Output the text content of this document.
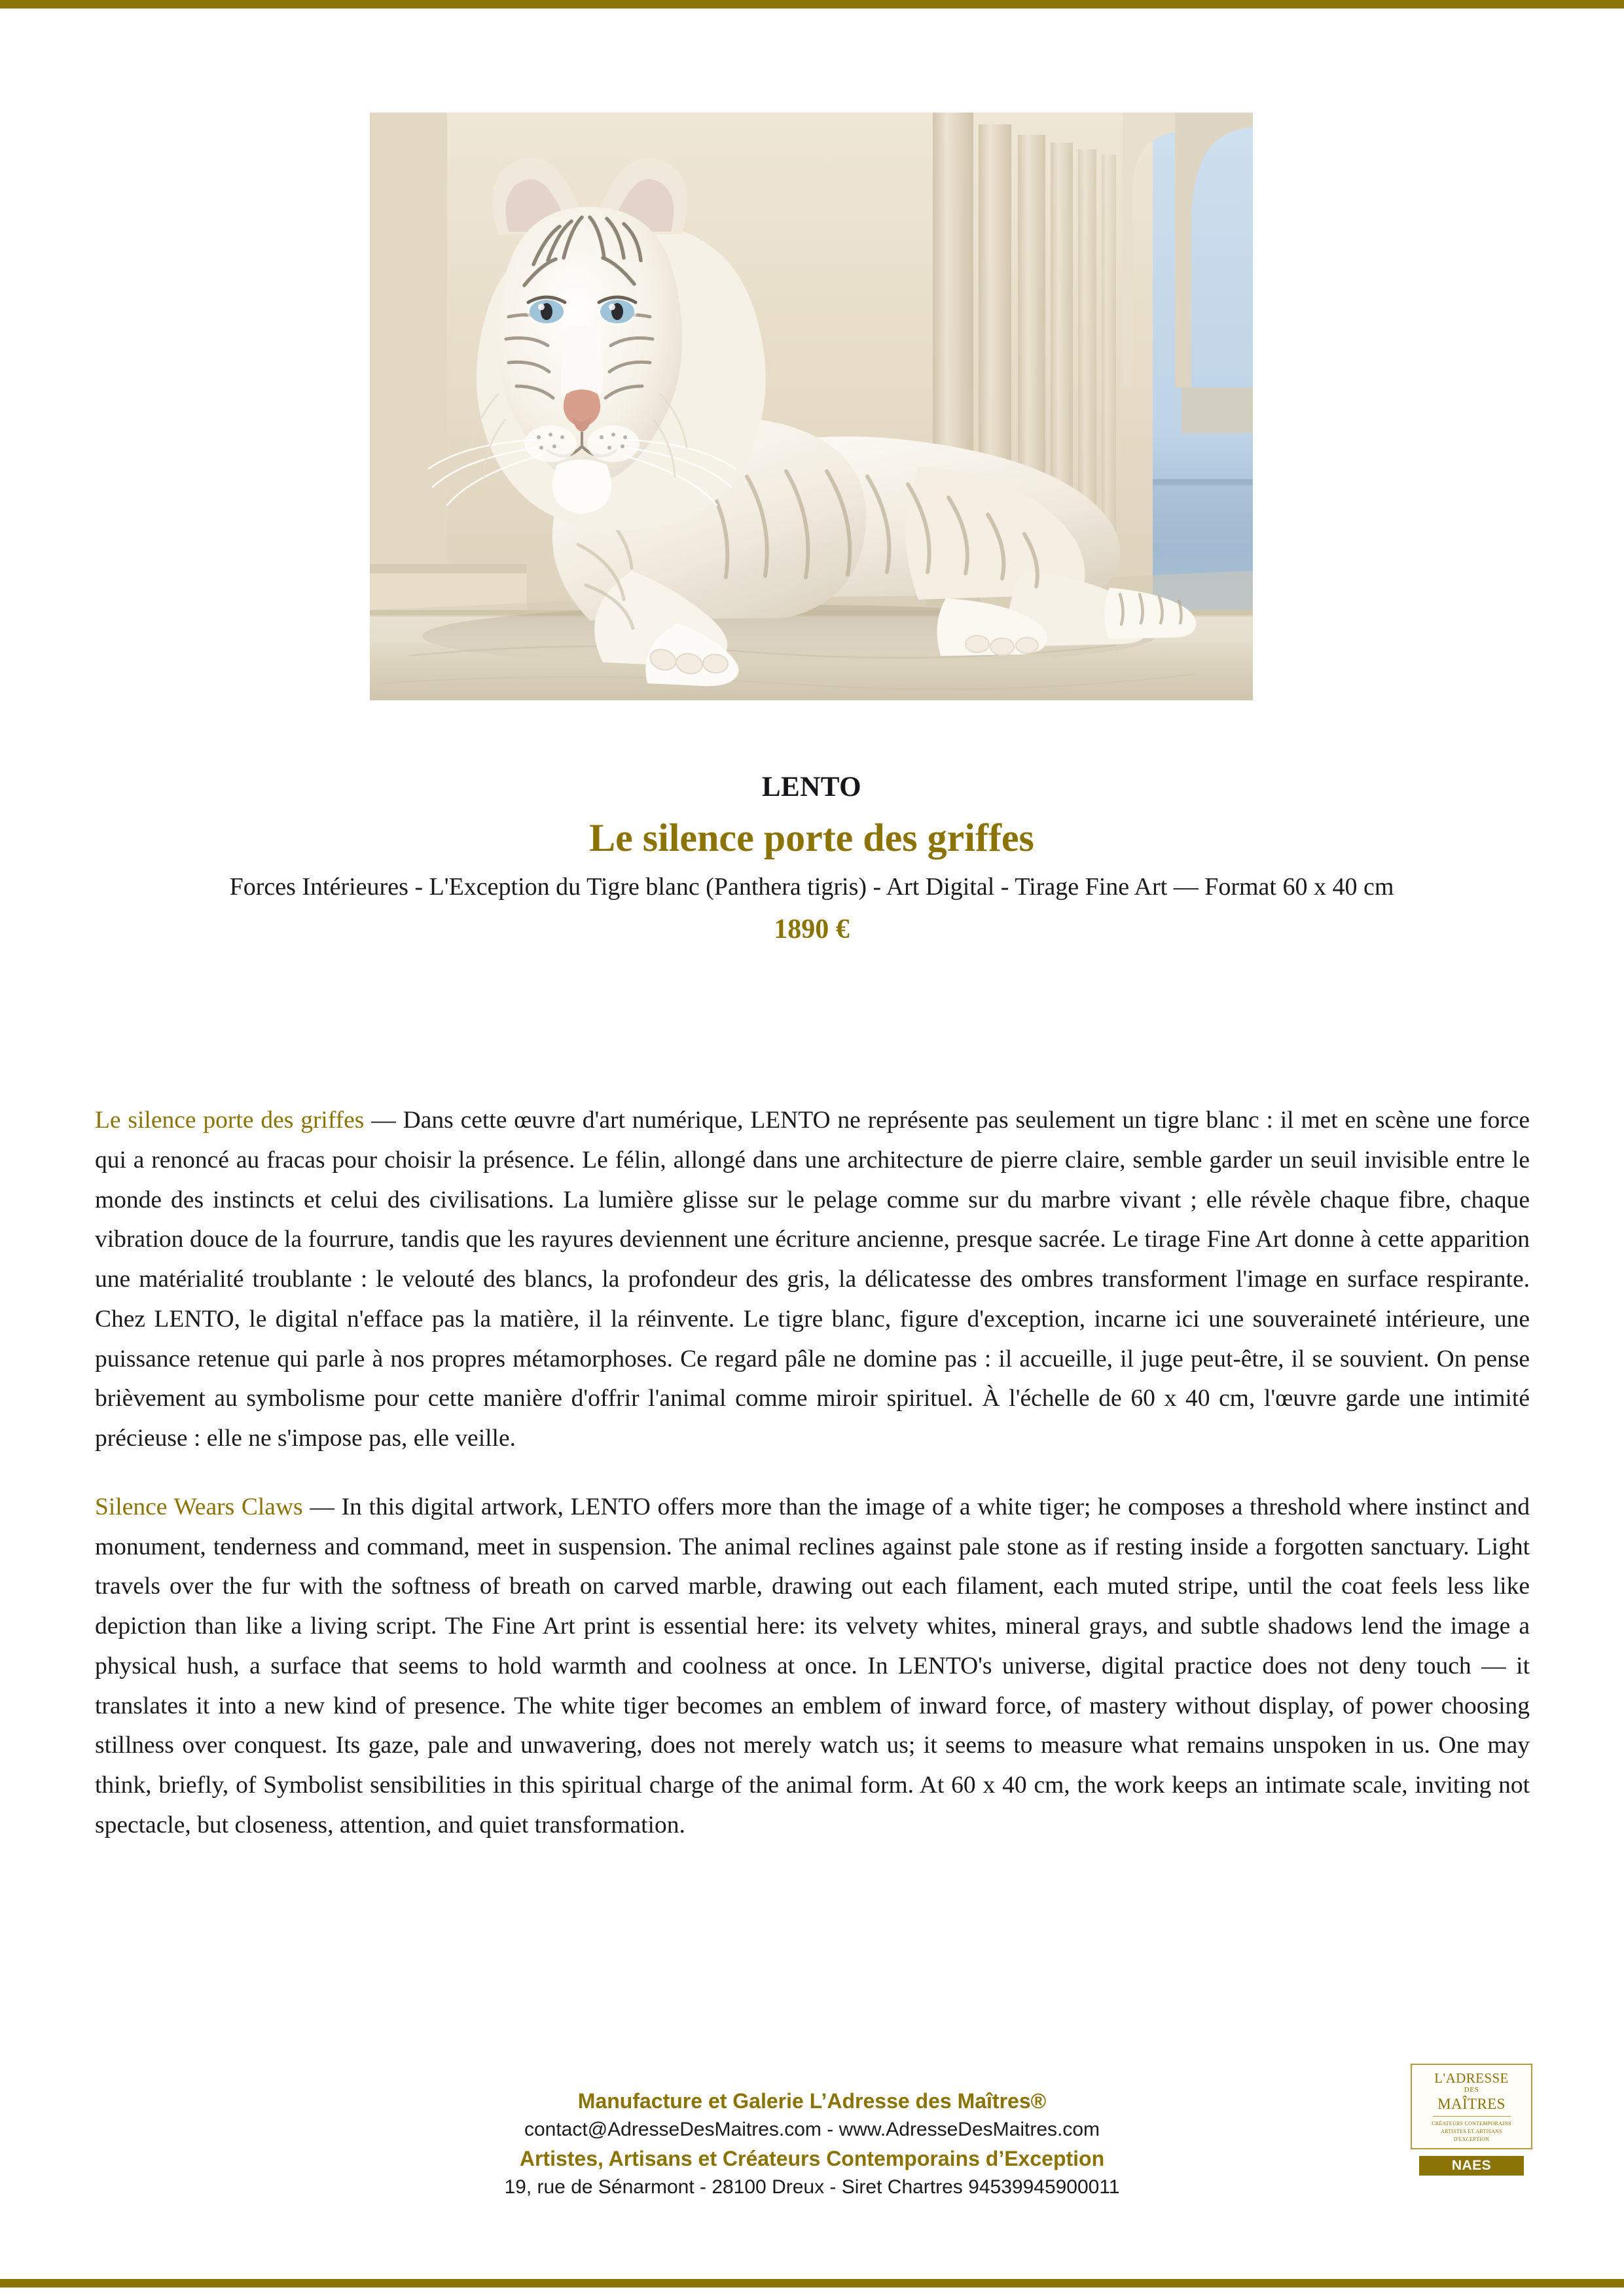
LENTO
Le silence porte des griffes
Forces Intérieures - L'Exception du Tigre blanc (Panthera tigris) - Art Digital - Tirage Fine Art — Format 60 x 40 cm
1890 €

Le silence porte des griffes — Dans cette œuvre d'art numérique, LENTO ne représente pas seulement un tigre blanc : il met en scène une force qui a renoncé au fracas pour choisir la présence. Le félin, allongé dans une architecture de pierre claire, semble garder un seuil invisible entre le monde des instincts et celui des civilisations. La lumière glisse sur le pelage comme sur du marbre vivant ; elle révèle chaque fibre, chaque vibration douce de la fourrure, tandis que les rayures deviennent une écriture ancienne, presque sacrée. Le tirage Fine Art donne à cette apparition une matérialité troublante : le velouté des blancs, la profondeur des gris, la délicatesse des ombres transforment l'image en surface respirante. Chez LENTO, le digital n'efface pas la matière, il la réinvente. Le tigre blanc, figure d'exception, incarne ici une souveraineté intérieure, une puissance retenue qui parle à nos propres métamorphoses. Ce regard pâle ne domine pas : il accueille, il juge peut-être, il se souvient. On pense brièvement au symbolisme pour cette manière d'offrir l'animal comme miroir spirituel. À l'échelle de 60 x 40 cm, l'œuvre garde une intimité précieuse : elle ne s'impose pas, elle veille.

Silence Wears Claws — In this digital artwork, LENTO offers more than the image of a white tiger; he composes a threshold where instinct and monument, tenderness and command, meet in suspension. The animal reclines against pale stone as if resting inside a forgotten sanctuary. Light travels over the fur with the softness of breath on carved marble, drawing out each filament, each muted stripe, until the coat feels less like depiction than like a living script. The Fine Art print is essential here: its velvety whites, mineral grays, and subtle shadows lend the image a physical hush, a surface that seems to hold warmth and coolness at once. In LENTO's universe, digital practice does not deny touch — it translates it into a new kind of presence. The white tiger becomes an emblem of inward force, of mastery without display, of power choosing stillness over conquest. Its gaze, pale and unwavering, does not merely watch us; it seems to measure what remains unspoken in us. One may think, briefly, of Symbolist sensibilities in this spiritual charge of the animal form. At 60 x 40 cm, the work keeps an intimate scale, inviting not spectacle, but closeness, attention, and quiet transformation.

Manufacture et Galerie L’Adresse des Maîtres®
contact@AdresseDesMaitres.com - www.AdresseDesMaitres.com
Artistes, Artisans et Créateurs Contemporains d’Exception
19, rue de Sénarmont - 28100 Dreux - Siret Chartres 94539945900011
L'ADRESSE
DES
MAÎTRES
CRÉATEURS CONTEMPORAINS
ARTISTES ET ARTISANS
D'EXCEPTION
NAES
